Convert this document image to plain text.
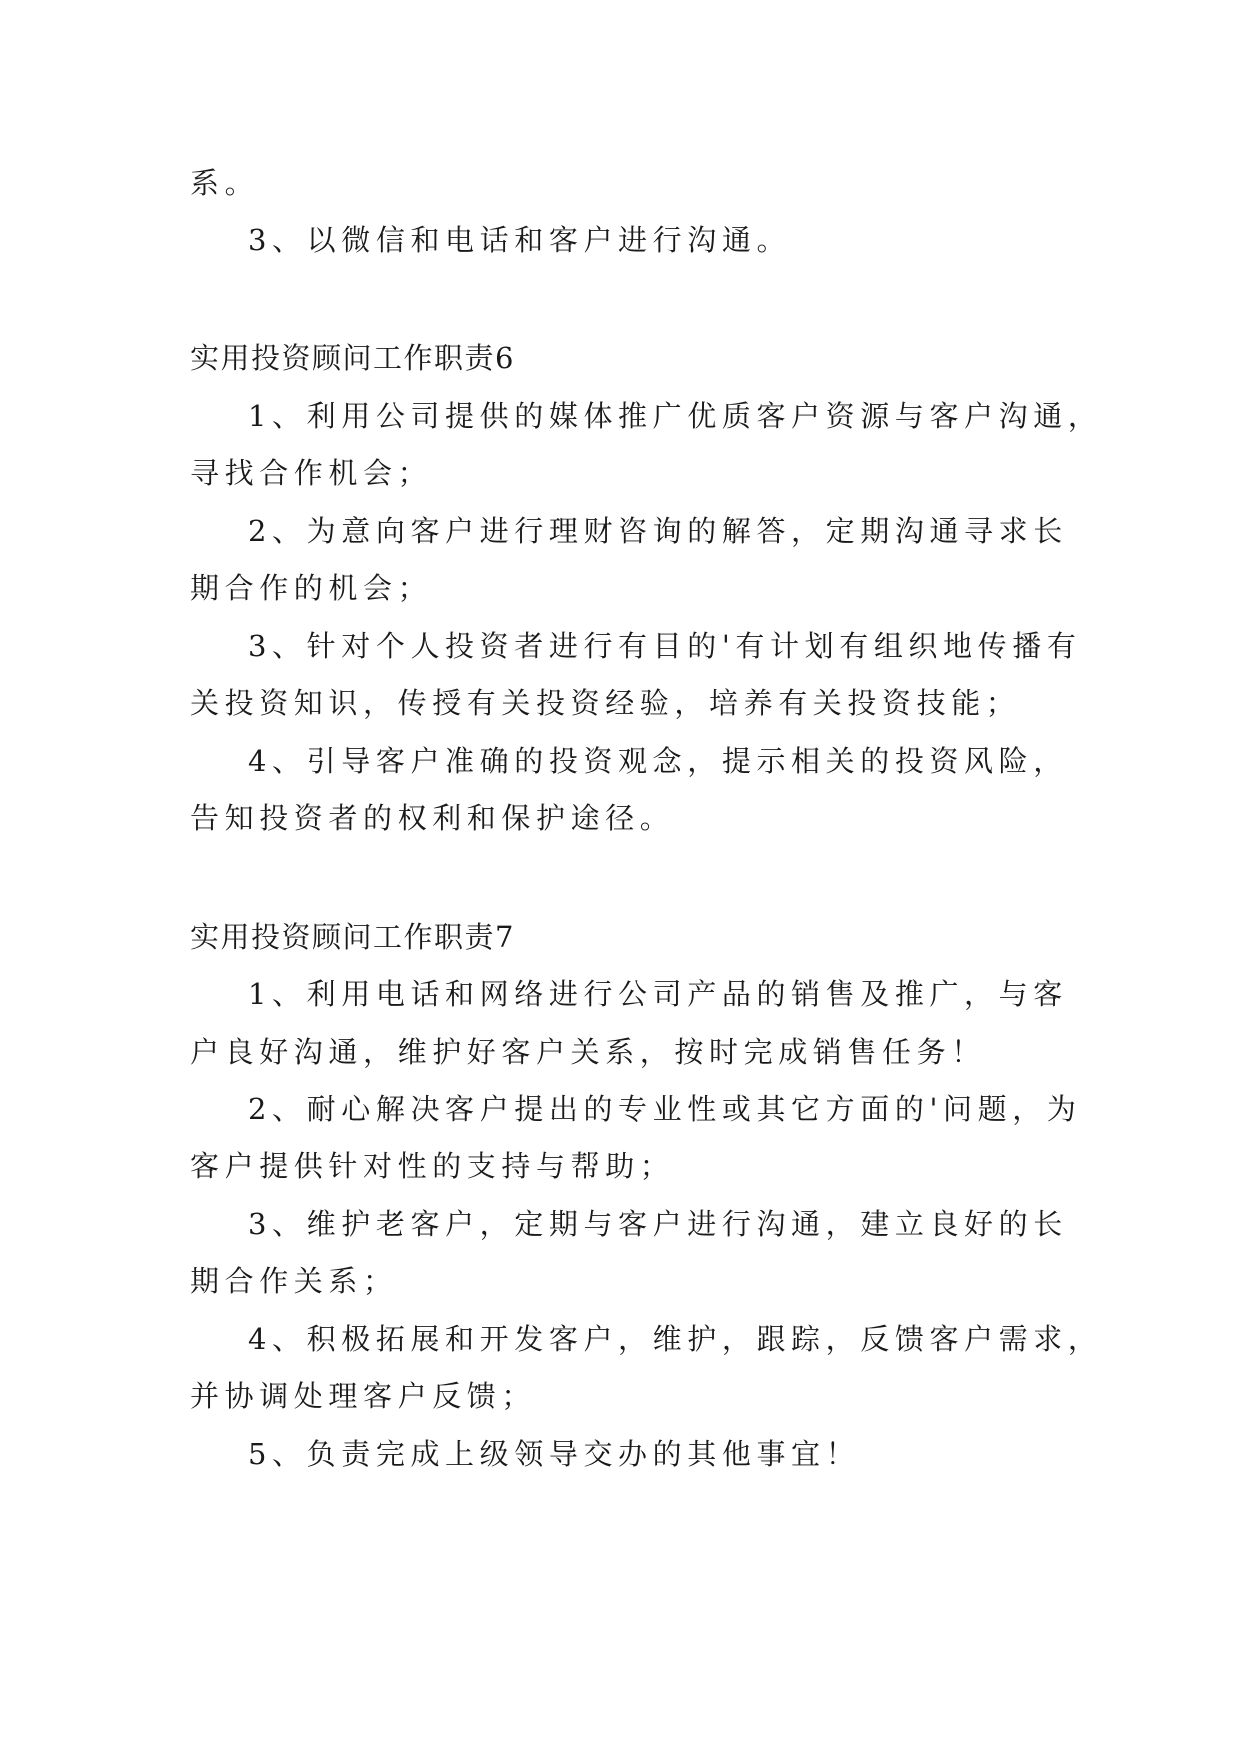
系。
3、以微信和电话和客户进行沟通。
实用投资顾问工作职责6
1、利用公司提供的媒体推广优质客户资源与客户沟通，
寻找合作机会；
2、为意向客户进行理财咨询的解答，定期沟通寻求长
期合作的机会；
3、针对个人投资者进行有目的'有计划有组织地传播有
关投资知识，传授有关投资经验，培养有关投资技能；
4、引导客户准确的投资观念，提示相关的投资风险，
告知投资者的权利和保护途径。
实用投资顾问工作职责7
1、利用电话和网络进行公司产品的销售及推广，与客
户良好沟通，维护好客户关系，按时完成销售任务！
2、耐心解决客户提出的专业性或其它方面的'问题，为
客户提供针对性的支持与帮助；
3、维护老客户，定期与客户进行沟通，建立良好的长
期合作关系；
4、积极拓展和开发客户，维护，跟踪，反馈客户需求，
并协调处理客户反馈；
5、负责完成上级领导交办的其他事宜！
